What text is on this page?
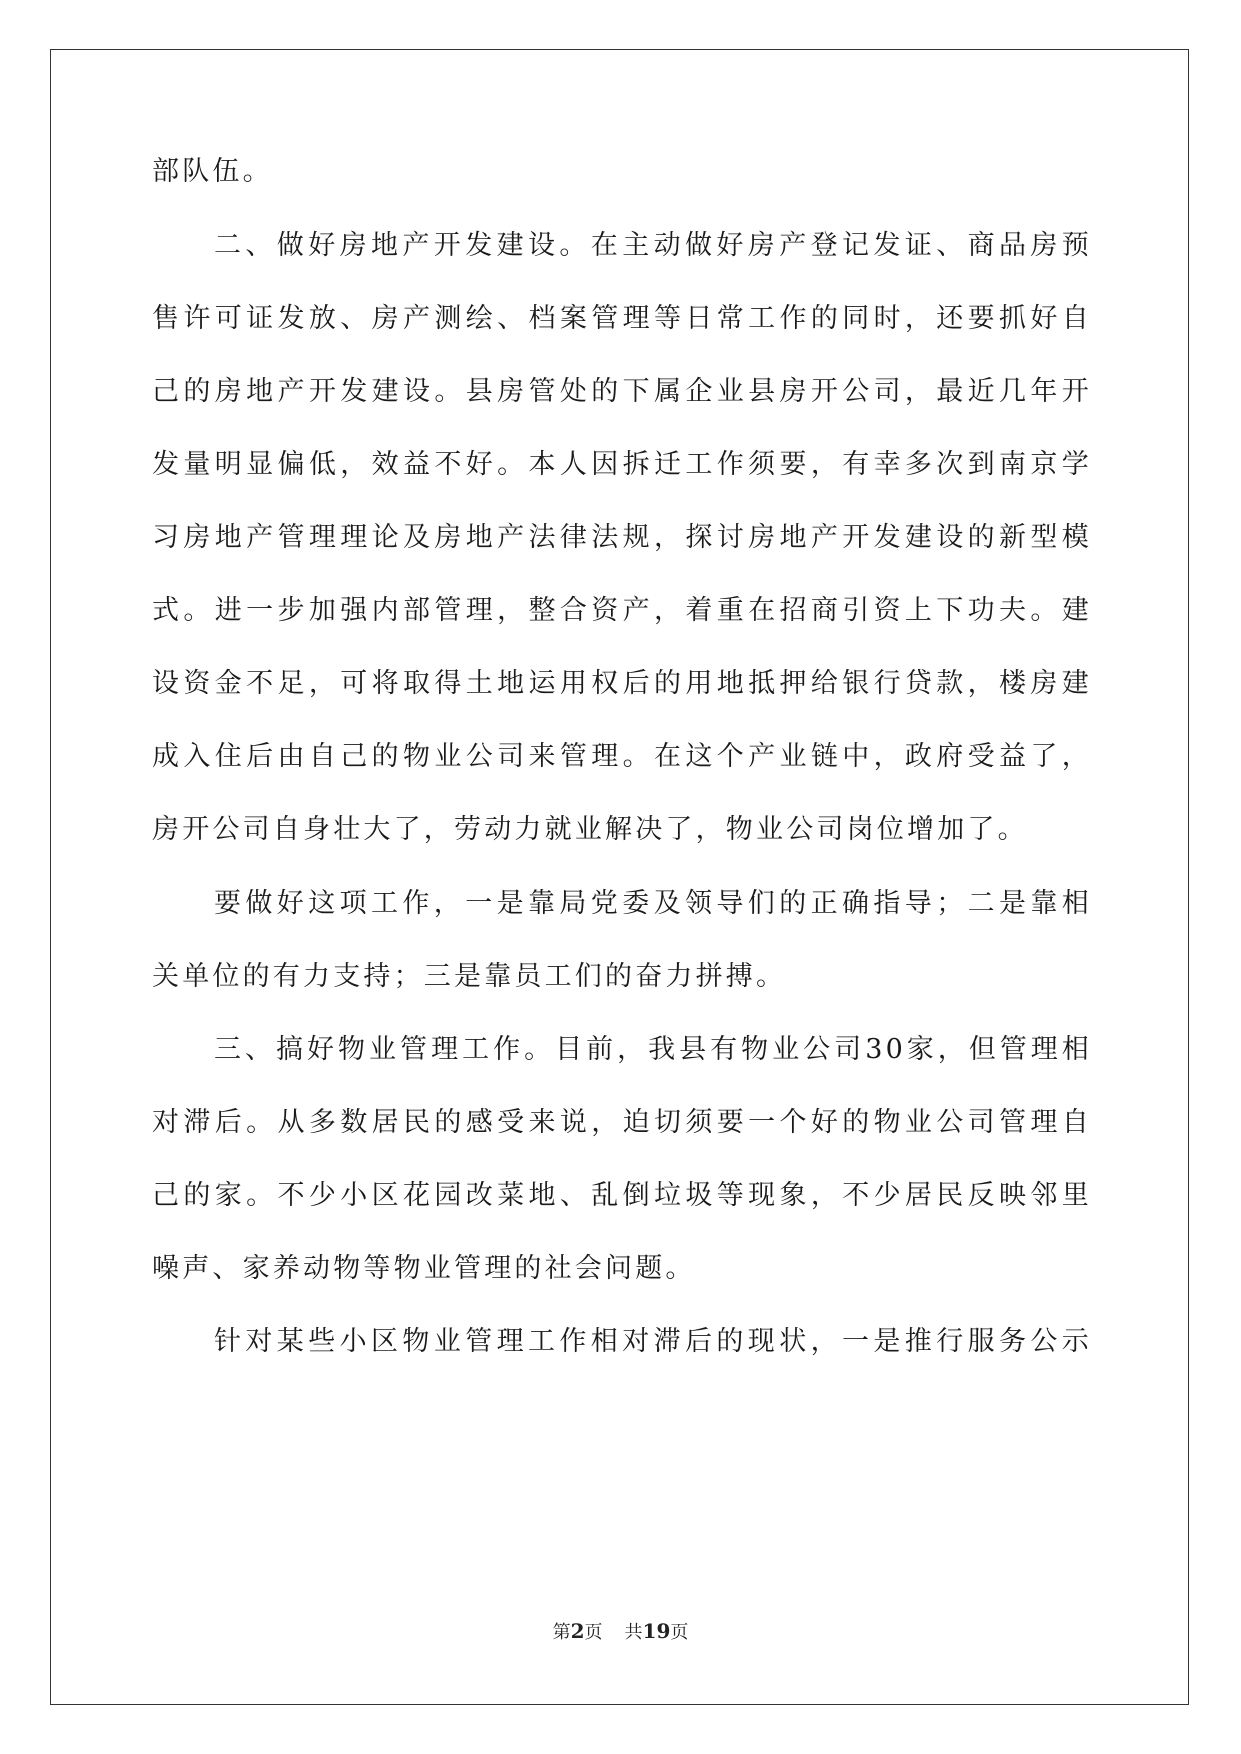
部队伍。
二、做好房地产开发建设。在主动做好房产登记发证、商品房预
售许可证发放、房产测绘、档案管理等日常工作的同时，还要抓好自
己的房地产开发建设。县房管处的下属企业县房开公司，最近几年开
发量明显偏低，效益不好。本人因拆迁工作须要，有幸多次到南京学
习房地产管理理论及房地产法律法规，探讨房地产开发建设的新型模
式。进一步加强内部管理，整合资产，着重在招商引资上下功夫。建
设资金不足，可将取得土地运用权后的用地抵押给银行贷款，楼房建
成入住后由自己的物业公司来管理。在这个产业链中，政府受益了，
房开公司自身壮大了，劳动力就业解决了，物业公司岗位增加了。
要做好这项工作，一是靠局党委及领导们的正确指导；二是靠相
关单位的有力支持；三是靠员工们的奋力拼搏。
三、搞好物业管理工作。目前，我县有物业公司30家，但管理相
对滞后。从多数居民的感受来说，迫切须要一个好的物业公司管理自
己的家。不少小区花园改菜地、乱倒垃圾等现象，不少居民反映邻里
噪声、家养动物等物业管理的社会问题。
针对某些小区物业管理工作相对滞后的现状，一是推行服务公示
第2页 共19页
